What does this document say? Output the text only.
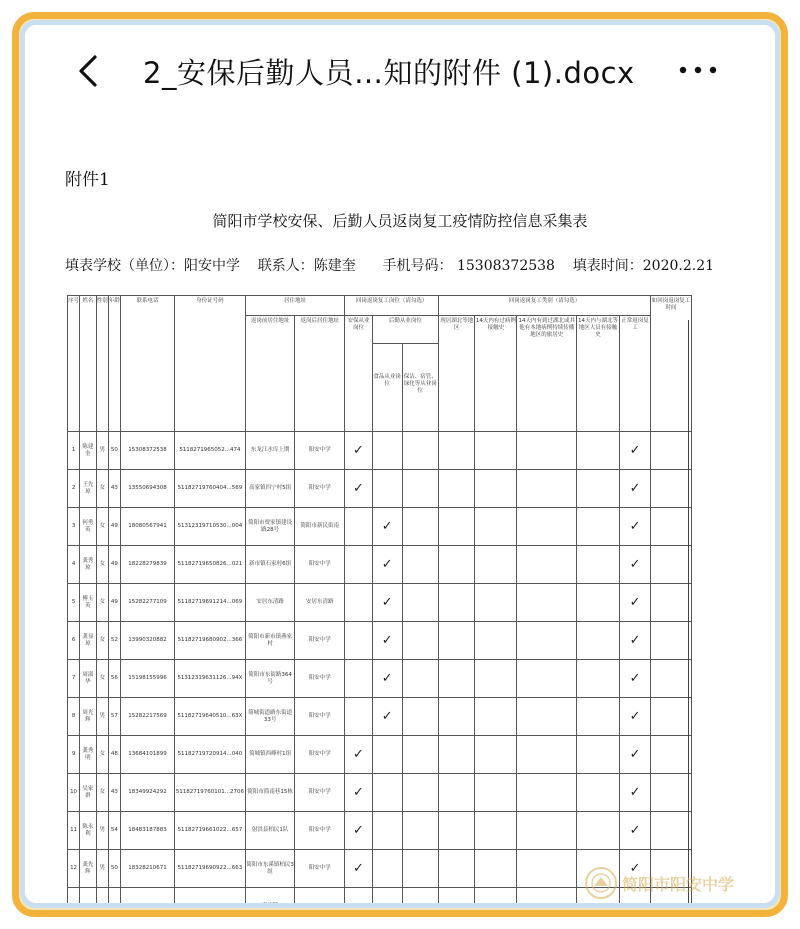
2_安保后勤人员…知的附件 (1).docx
附件1
简阳市学校安保、后勤人员返岗复工疫情防控信息采集表
填表学校（单位）：阳安中学 联系人：陈建奎 手机号码： 15308372538 填表时间：2020.2.21
序号	姓名	性别	年龄	联系电话	身份证号码	居住地址		回岗返岗复工岗位（请勾选）			回岗返岗复工类别（请勾选）					如回岗返岗复工时间
						返岗前居住地址	返岗后居住地址	安保从业岗位	后勤从业岗位		现居湖北等地区	14天内有过病例接触史	14天内有到过湖北或其他有本地病例持续传播地区的旅居史	14天内与湖北等地区人员有接触史	正常返岗复工	
									食品从业岗位	保洁、宿管、绿化等从业岗位						
1	陈建奎	男	50	15308372538	5118271965052...474	东龙江水库上期	阳安中学	✓							✓	
2	王先琼	女	43	13550694308	51182719760404...569	高家镇四宁村5组	阳安中学	✓							✓	
3	何勇英	女	49	18080567941	51312319710530...004	简阳市贾家镇建设路28号	简阳市新民街南		✓						✓	
4	龚秀琼	女	49	18228279839	51182719650826...021	新市镇石家村6组	阳安中学		✓						✓	
5	傅玉英	女	49	15282277109	51182719691214...069	安居东清路	安居东清路		✓						✓	
6	龚显琼	女	52	13990320882	51182719680902...366	简阳市新市镇燕家村	阳安中学		✓						✓	
7	周淑华	女	56	15198155996	51312319631126...94X	简阳市东街路364号	阳安中学		✓						✓	
8	周光辉	男	57	15282217569	51182719640510...63X	简城街道路东街道33号	阳安中学		✓						✓	
9	龚秀明	女	48	13684101899	51182719720914...040	简城镇西峰村1组	阳安中学	✓							✓	
10	吴家群	女	43	18349924292	51182719760101...2706	简阳市简南巷15栋	阳安中学	✓							✓	
11	陈永利	男	54	18483187883	51182719661022...657	射洪县柏民1队	阳安中学	✓							✓	
12	龚先辉	男	50	18328210671	51182719690922...663	简阳市东溪镇柏民3组	阳安中学	✓							✓	
						高家镇										
简阳市阳安中学
